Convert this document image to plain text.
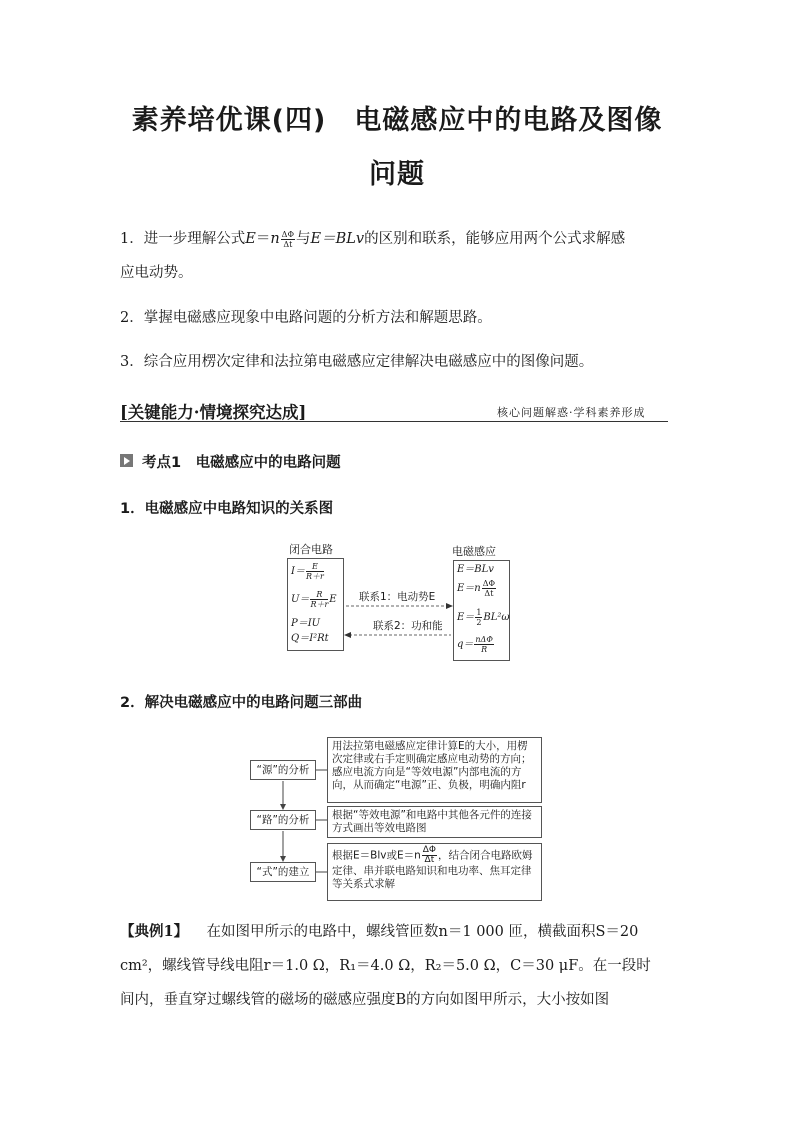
素养培优课(四)　电磁感应中的电路及图像
问题
1．进一步理解公式$E=n \frac{\Delta\Phi}{\Delta t}$ 与E＝BLv的区别和联系，能够应用两个公式求解感
应电动势。
2．掌握电磁感应现象中电路问题的分析方法和解题思路。
3．综合应用楞次定律和法拉第电磁感应定律解决电磁感应中的图像问题。
[关键能力·情境探究达成]	核心问题解惑·学科素养形成
考点1　电磁感应中的电路问题
1．电磁感应中电路知识的关系图
闭合电路	电磁感应
$I= \frac{E}{R+r}$
$U= \frac{R}{R+r}$ E
P＝IU
Q＝I²Rt
E＝BLv
$E=n \frac{\Delta\Phi}{\Delta t}$
$E= \frac{1}{2} BL^2\omega$
$q= \frac{\text{nΔΦ}}{R}$
联系1：电动势E
联系2：功和能
2．解决电磁感应中的电路问题三部曲
“源”的分析
“路”的分析
“式”的建立
用法拉第电磁感应定律计算E的大小，用楞次定律或右手定则确定感应电动势的方向；感应电流方向是“等效电源”内部电流的方向，从而确定“电源”正、负极，明确内阻r
根据“等效电源”和电路中其他各元件的连接方式画出等效电路图
根据E＝Blv或$E=n \frac{\Delta\Phi}{\Delta t}$ ，结合闭合电路欧姆定律、串并联电路知识和电功率、焦耳定律等关系式求解
【典例1】 在如图甲所示的电路中，螺线管匝数n＝1 000 匝，横截面积S＝20
cm²，螺线管导线电阻r＝1.0 Ω，R₁＝4.0 Ω，R₂＝5.0 Ω，C＝30 μF。在一段时
间内，垂直穿过螺线管的磁场的磁感应强度B的方向如图甲所示，大小按如图
